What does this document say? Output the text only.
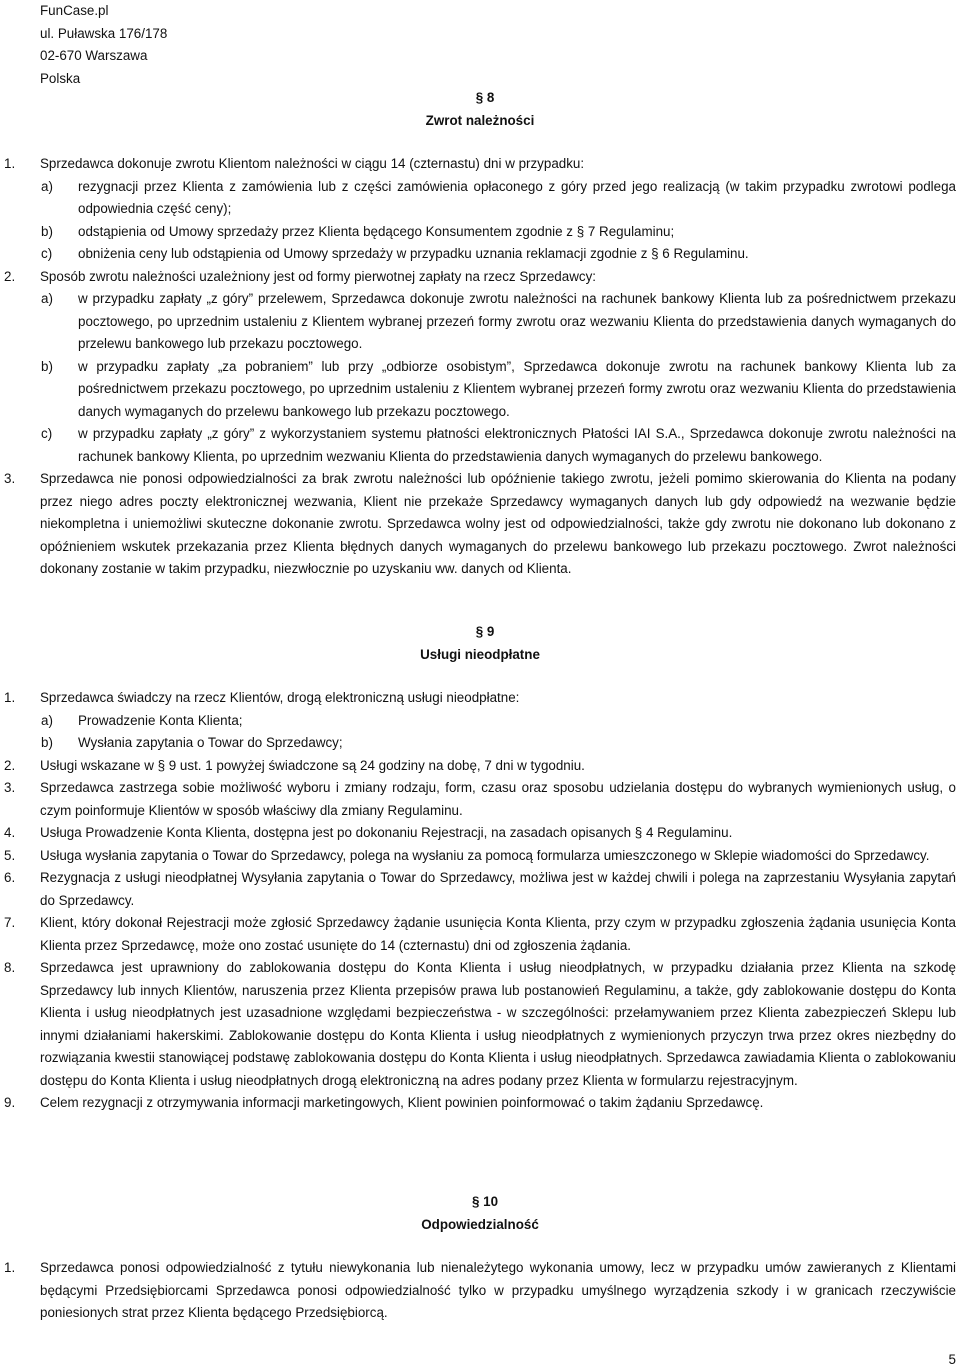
FunCase.pl
ul. Puławska 176/178
02-670 Warszawa
Polska
§ 8
Zwrot należności
1. Sprzedawca dokonuje zwrotu Klientom należności w ciągu 14 (czternastu) dni w przypadku:
a) rezygnacji przez Klienta z zamówienia lub z części zamówienia opłaconego z góry przed jego realizacją (w takim przypadku zwrotowi podlega odpowiednia część ceny);
b) odstąpienia od Umowy sprzedaży przez Klienta będącego Konsumentem zgodnie z § 7 Regulaminu;
c) obniżenia ceny lub odstąpienia od Umowy sprzedaży w przypadku uznania reklamacji zgodnie z § 6 Regulaminu.
2. Sposób zwrotu należności uzależniony jest od formy pierwotnej zapłaty na rzecz Sprzedawcy:
a) w przypadku zapłaty „z góry” przelewem, Sprzedawca dokonuje zwrotu należności na rachunek bankowy Klienta lub za pośrednictwem przekazu pocztowego, po uprzednim ustaleniu z Klientem wybranej przezeń formy zwrotu oraz wezwaniu Klienta do przedstawienia danych wymaganych do przelewu bankowego lub przekazu pocztowego.
b) w przypadku zapłaty „za pobraniem” lub przy „odbiorze osobistym”, Sprzedawca dokonuje zwrotu na rachunek bankowy Klienta lub za pośrednictwem przekazu pocztowego, po uprzednim ustaleniu z Klientem wybranej przezeń formy zwrotu oraz wezwaniu Klienta do przedstawienia danych wymaganych do przelewu bankowego lub przekazu pocztowego.
c) w przypadku zapłaty „z góry” z wykorzystaniem systemu płatności elektronicznych Płatości IAI S.A., Sprzedawca dokonuje zwrotu należności na rachunek bankowy Klienta, po uprzednim wezwaniu Klienta do przedstawienia danych wymaganych do przelewu bankowego.
3. Sprzedawca nie ponosi odpowiedzialności za brak zwrotu należności lub opóźnienie takiego zwrotu, jeżeli pomimo skierowania do Klienta na podany przez niego adres poczty elektronicznej wezwania, Klient nie przekaże Sprzedawcy wymaganych danych lub gdy odpowiedź na wezwanie będzie niekompletna i uniemożliwi skuteczne dokonanie zwrotu. Sprzedawca wolny jest od odpowiedzialności, także gdy zwrotu nie dokonano lub dokonano z opóźnieniem wskutek przekazania przez Klienta błędnych danych wymaganych do przelewu bankowego lub przekazu pocztowego. Zwrot należności dokonany zostanie w takim przypadku, niezwłocznie po uzyskaniu ww. danych od Klienta.
§ 9
Usługi nieodpłatne
1. Sprzedawca świadczy na rzecz Klientów, drogą elektroniczną usługi nieodpłatne:
a) Prowadzenie Konta Klienta;
b) Wysłania zapytania o Towar do Sprzedawcy;
2. Usługi wskazane w § 9 ust. 1 powyżej świadczone są 24 godziny na dobę, 7 dni w tygodniu.
3. Sprzedawca zastrzega sobie możliwość wyboru i zmiany rodzaju, form, czasu oraz sposobu udzielania dostępu do wybranych wymienionych usług, o czym poinformuje Klientów w sposób właściwy dla zmiany Regulaminu.
4. Usługa Prowadzenie Konta Klienta, dostępna jest po dokonaniu Rejestracji, na zasadach opisanych § 4 Regulaminu.
5. Usługa wysłania zapytania o Towar do Sprzedawcy, polega na wysłaniu za pomocą formularza umieszczonego w Sklepie wiadomości do Sprzedawcy.
6. Rezygnacja z usługi nieodpłatnej Wysyłania zapytania o Towar do Sprzedawcy, możliwa jest w każdej chwili i polega na zaprzestaniu Wysyłania zapytań do Sprzedawcy.
7. Klient, który dokonał Rejestracji może zgłosić Sprzedawcy żądanie usunięcia Konta Klienta, przy czym w przypadku zgłoszenia żądania usunięcia Konta Klienta przez Sprzedawcę, może ono zostać usunięte do 14 (czternastu) dni od zgłoszenia żądania.
8. Sprzedawca jest uprawniony do zablokowania dostępu do Konta Klienta i usług nieodpłatnych, w przypadku działania przez Klienta na szkodę Sprzedawcy lub innych Klientów, naruszenia przez Klienta przepisów prawa lub postanowień Regulaminu, a także, gdy zablokowanie dostępu do Konta Klienta i usług nieodpłatnych jest uzasadnione względami bezpieczeństwa - w szczególności: przełamywaniem przez Klienta zabezpieczeń Sklepu lub innymi działaniami hakerskimi. Zablokowanie dostępu do Konta Klienta i usług nieodpłatnych z wymienionych przyczyn trwa przez okres niezbędny do rozwiązania kwestii stanowiącej podstawę zablokowania dostępu do Konta Klienta i usług nieodpłatnych. Sprzedawca zawiadamia Klienta o zablokowaniu dostępu do Konta Klienta i usług nieodpłatnych drogą elektroniczną na adres podany przez Klienta w formularzu rejestracyjnym.
9. Celem rezygnacji z otrzymywania informacji marketingowych, Klient powinien poinformować o takim żądaniu Sprzedawcę.
§ 10
Odpowiedzialność
1. Sprzedawca ponosi odpowiedzialność z tytułu niewykonania lub nienależytego wykonania umowy, lecz w przypadku umów zawieranych z Klientami będącymi Przedsiębiorcami Sprzedawca ponosi odpowiedzialność tylko w przypadku umyślnego wyrządzenia szkody i w granicach rzeczywiście poniesionych strat przez Klienta będącego Przedsiębiorcą.
5
